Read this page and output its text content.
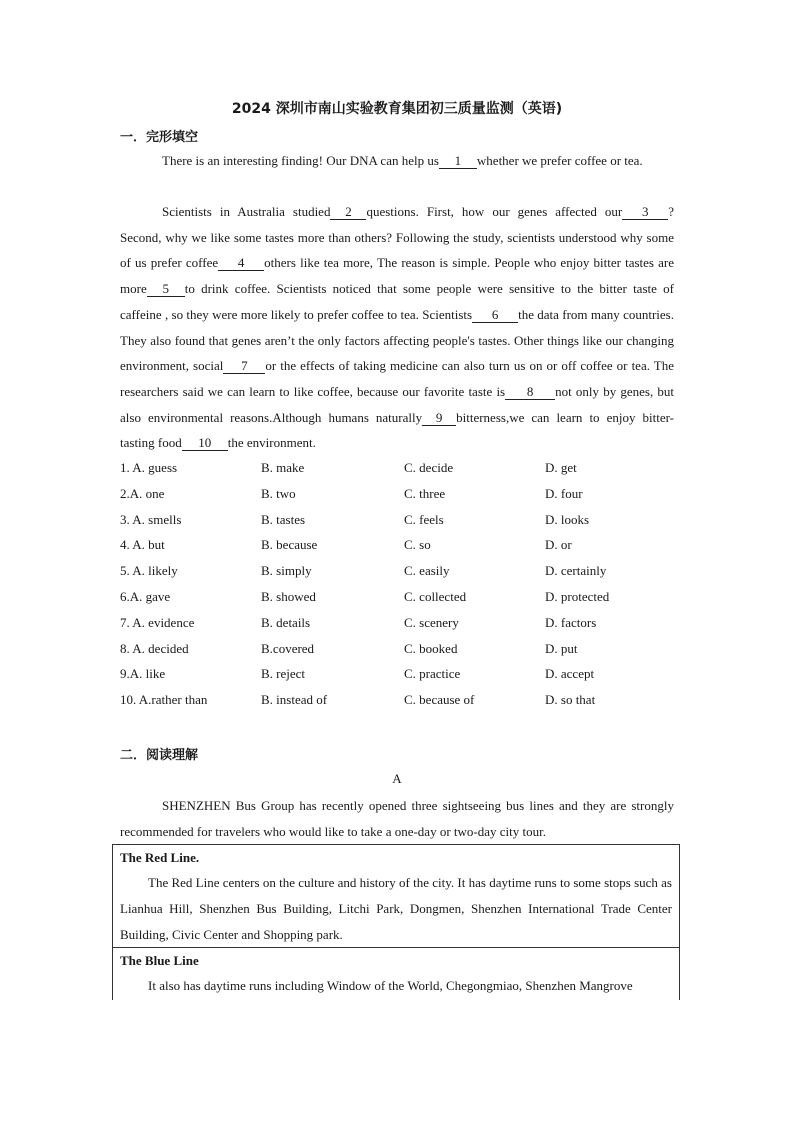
2024 深圳市南山实验教育集团初三质量监测（英语)
一．完形填空
There is an interesting finding! Our DNA can help us 1 whether we prefer coffee or tea.
Scientists in Australia studied 2 questions. First, how our genes affected our 3 ? Second, why we like some tastes more than others? Following the study, scientists understood why some of us prefer coffee 4 others like tea more, The reason is simple. People who enjoy bitter tastes are more 5 to drink coffee. Scientists noticed that some people were sensitive to the bitter taste of caffeine , so they were more likely to prefer coffee to tea. Scientists 6 the data from many countries. They also found that genes aren’t the only factors affecting people's tastes. Other things like our changing environment, social 7 or the effects of taking medicine can also turn us on or off coffee or tea. The researchers said we can learn to like coffee, because our favorite taste is 8 not only by genes, but also environmental reasons.Although humans naturally 9 bitterness,we can learn to enjoy bitter-tasting food 10 the environment.
1. A. guess	B. make	C. decide	D. get
2.A. one	B. two	C. three	D. four
3. A. smells	B. tastes	C. feels	D. looks
4. A. but	B. because	C. so	D. or
5. A. likely	B. simply	C. easily	D. certainly
6.A. gave	B. showed	C. collected	D. protected
7. A. evidence	B. details	C. scenery	D. factors
8. A. decided	B.covered	C. booked	D. put
9.A. like	B. reject	C. practice	D. accept
10. A.rather than	B. instead of	C. because of	D. so that
二．阅读理解
A
SHENZHEN Bus Group has recently opened three sightseeing bus lines and they are strongly recommended for travelers who would like to take a one-day or two-day city tour.
The Red Line.
The Red Line centers on the culture and history of the city. It has daytime runs to some stops such as Lianhua Hill, Shenzhen Bus Building, Litchi Park, Dongmen, Shenzhen International Trade Center Building, Civic Center and Shopping park.
The Blue Line
It also has daytime runs including Window of the World, Chegongmiao, Shenzhen Mangrove
